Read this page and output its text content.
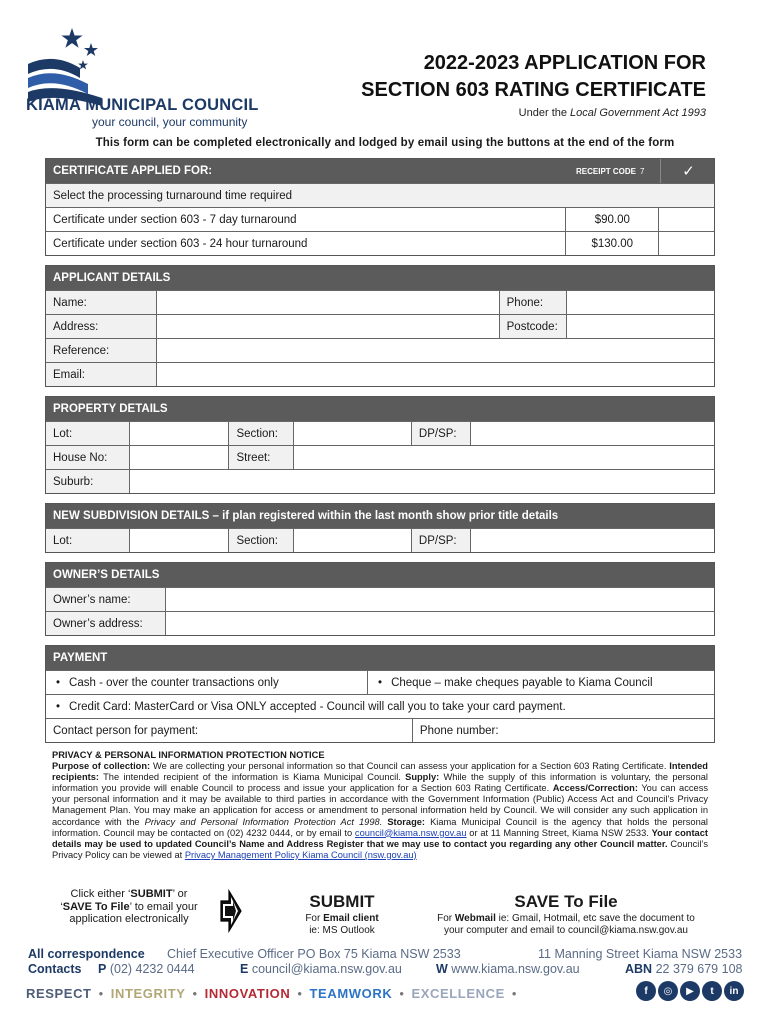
KIAMA MUNICIPAL COUNCIL
your council, your community
2022-2023 APPLICATION FOR
SECTION 603 RATING CERTIFICATE
Under the Local Government Act 1993
This form can be completed electronically and lodged by email using the buttons at the end of the form
CERTIFICATE APPLIED FOR:	RECEIPT CODE 7	✓
Select the processing turnaround time required
Certificate under section 603 - 7 day turnaround	$90.00
Certificate under section 603 - 24 hour turnaround	$130.00
APPLICANT DETAILS
Name:	Phone:
Address:	Postcode:
Reference:
Email:
PROPERTY DETAILS
Lot:	Section:	DP/SP:
House No:	Street:
Suburb:
NEW SUBDIVISION DETAILS – if plan registered within the last month show prior title details
Lot:	Section:	DP/SP:
OWNER’S DETAILS
Owner’s name:
Owner’s address:
PAYMENT
• Cash - over the counter transactions only	• Cheque – make cheques payable to Kiama Council
• Credit Card: MasterCard or Visa ONLY accepted - Council will call you to take your card payment.
Contact person for payment:	Phone number:
PRIVACY & PERSONAL INFORMATION PROTECTION NOTICE
Purpose of collection: We are collecting your personal information so that Council can assess your application for a Section 603 Rating Certificate. Intended recipients: The intended recipient of the information is Kiama Municipal Council. Supply: While the supply of this information is voluntary, the personal information you provide will enable Council to process and issue your application for a Section 603 Rating Certificate. Access/Correction: You can access your personal information and it may be available to third parties in accordance with the Government Information (Public) Access Act and Council’s Privacy Management Plan. You may make an application for access or amendment to personal information held by Council. We will consider any such application in accordance with the Privacy and Personal Information Protection Act 1998. Storage: Kiama Municipal Council is the agency that holds the personal information. Council may be contacted on (02) 4232 0444, or by email to council@kiama.nsw.gov.au or at 11 Manning Street, Kiama NSW 2533. Your contact details may be used to updated Council’s Name and Address Register that we may use to contact you regarding any other Council matter. Council’s Privacy Policy can be viewed at Privacy Management Policy Kiama Council (nsw.gov.au)
Click either ‘SUBMIT’ or ‘SAVE To File’ to email your application electronically
SUBMIT
For Email client
ie: MS Outlook
SAVE To File
For Webmail ie: Gmail, Hotmail, etc save the document to your computer and email to council@kiama.nsw.gov.au
All correspondence Chief Executive Officer PO Box 75 Kiama NSW 2533	11 Manning Street Kiama NSW 2533
Contacts P (02) 4232 0444	E council@kiama.nsw.gov.au	W www.kiama.nsw.gov.au	ABN 22 379 679 108
RESPECT • INTEGRITY • INNOVATION • TEAMWORK • EXCELLENCE •	f	◎	▶	t	in
